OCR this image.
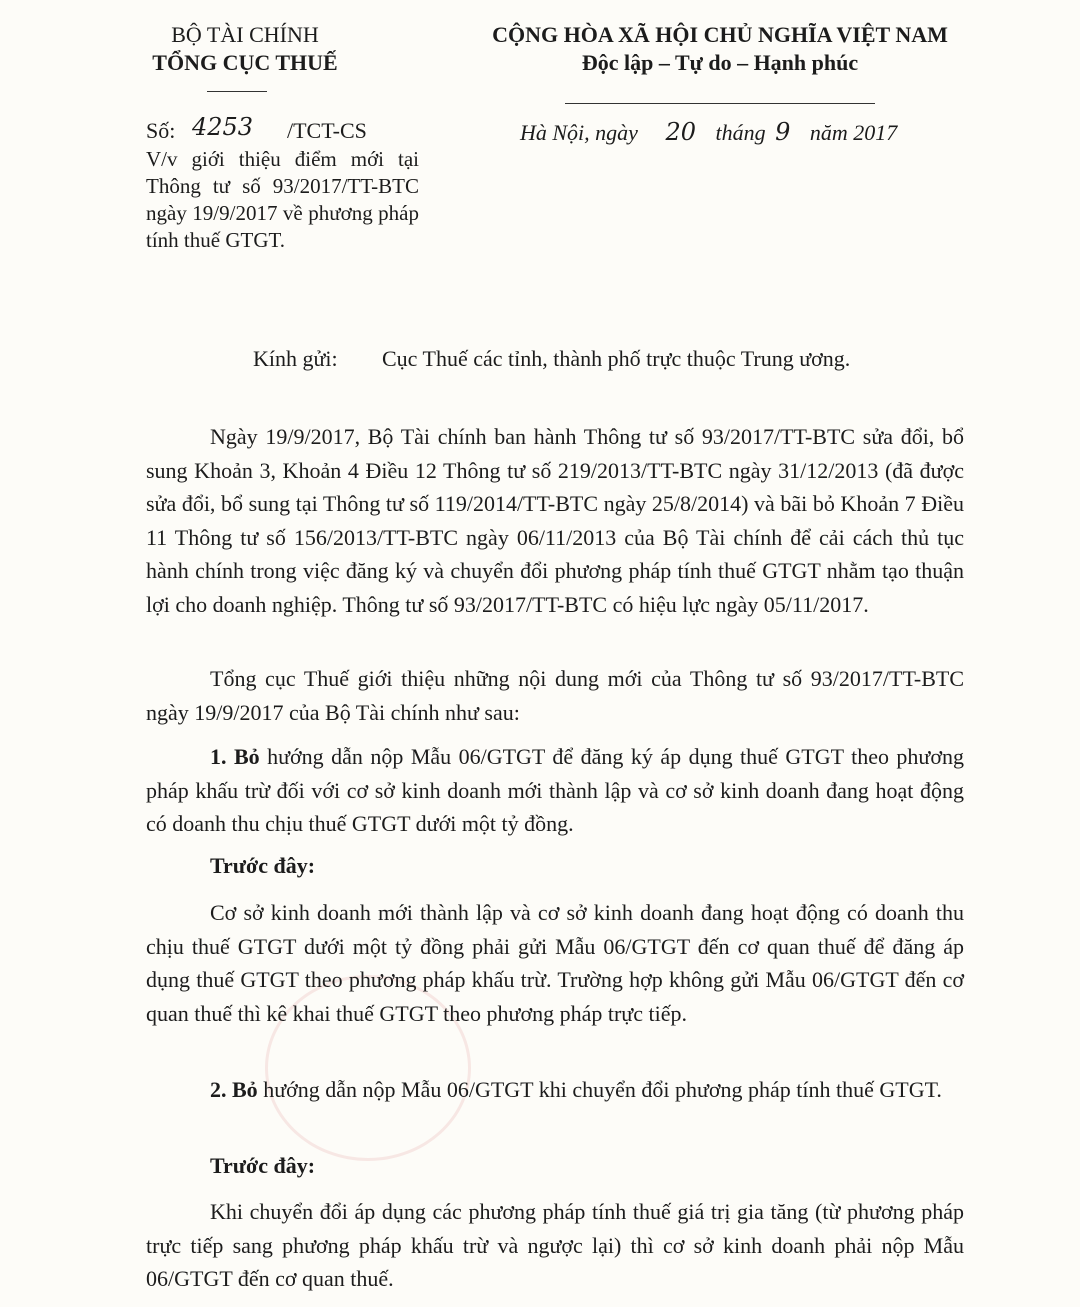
BỘ TÀI CHÍNH
TỔNG CỤC THUẾ
CỘNG HÒA XÃ HỘI CHỦ NGHĨA VIỆT NAM
Độc lập – Tự do – Hạnh phúc
Số: 4253 /TCT-CS
V/v giới thiệu điểm mới tại Thông tư số 93/2017/TT-BTC ngày 19/9/2017 về phương pháp tính thuế GTGT.
Hà Nội, ngày 20 tháng 9 năm 2017
Kính gửi: Cục Thuế các tỉnh, thành phố trực thuộc Trung ương.

Ngày 19/9/2017, Bộ Tài chính ban hành Thông tư số 93/2017/TT-BTC sửa đổi, bổ sung Khoản 3, Khoản 4 Điều 12 Thông tư số 219/2013/TT-BTC ngày 31/12/2013 (đã được sửa đổi, bổ sung tại Thông tư số 119/2014/TT-BTC ngày 25/8/2014) và bãi bỏ Khoản 7 Điều 11 Thông tư số 156/2013/TT-BTC ngày 06/11/2013 của Bộ Tài chính để cải cách thủ tục hành chính trong việc đăng ký và chuyển đổi phương pháp tính thuế GTGT nhằm tạo thuận lợi cho doanh nghiệp. Thông tư số 93/2017/TT-BTC có hiệu lực ngày 05/11/2017.

Tổng cục Thuế giới thiệu những nội dung mới của Thông tư số 93/2017/TT-BTC ngày 19/9/2017 của Bộ Tài chính như sau:

1. Bỏ hướng dẫn nộp Mẫu 06/GTGT để đăng ký áp dụng thuế GTGT theo phương pháp khấu trừ đối với cơ sở kinh doanh mới thành lập và cơ sở kinh doanh đang hoạt động có doanh thu chịu thuế GTGT dưới một tỷ đồng.

Trước đây:

Cơ sở kinh doanh mới thành lập và cơ sở kinh doanh đang hoạt động có doanh thu chịu thuế GTGT dưới một tỷ đồng phải gửi Mẫu 06/GTGT đến cơ quan thuế để đăng áp dụng thuế GTGT theo phương pháp khấu trừ. Trường hợp không gửi Mẫu 06/GTGT đến cơ quan thuế thì kê khai thuế GTGT theo phương pháp trực tiếp.

2. Bỏ hướng dẫn nộp Mẫu 06/GTGT khi chuyển đổi phương pháp tính thuế GTGT.

Trước đây:

Khi chuyển đổi áp dụng các phương pháp tính thuế giá trị gia tăng (từ phương pháp trực tiếp sang phương pháp khấu trừ và ngược lại) thì cơ sở kinh doanh phải nộp Mẫu 06/GTGT đến cơ quan thuế.
